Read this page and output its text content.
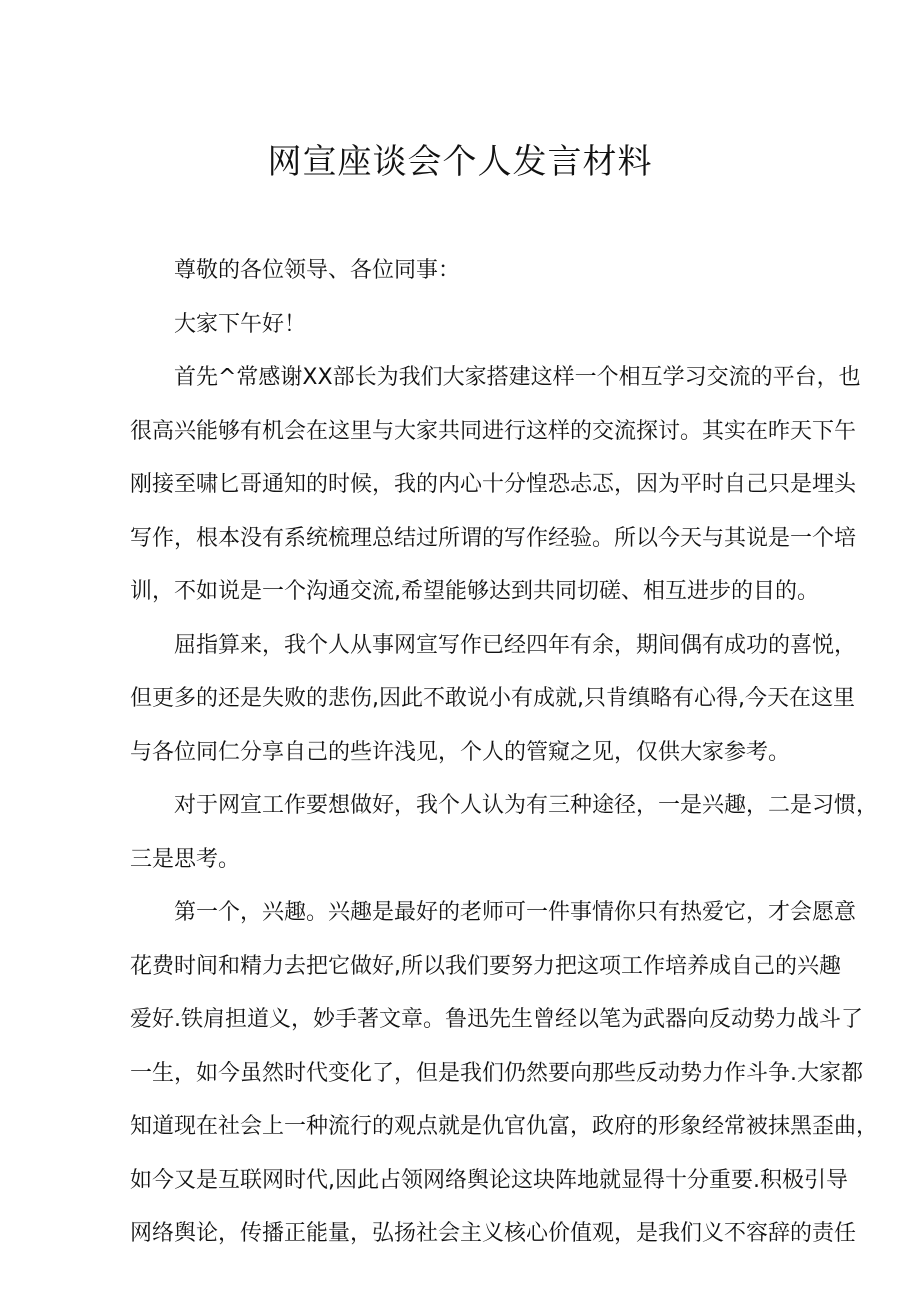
网宣座谈会个人发言材料
尊敬的各位领导、各位同事：
大家下午好！
首先^常感谢XX部长为我们大家搭建这样一个相互学习交流的平台，也
很高兴能够有机会在这里与大家共同进行这样的交流探讨。其实在昨天下午
刚接至啸匕哥通知的时候，我的内心十分惶恐忐忑，因为平时自己只是埋头
写作，根本没有系统梳理总结过所谓的写作经验。所以今天与其说是一个培
训，不如说是一个沟通交流,希望能够达到共同切磋、相互进步的目的。
屈指算来，我个人从事网宣写作已经四年有余，期间偶有成功的喜悦，
但更多的还是失败的悲伤,因此不敢说小有成就,只肯缜略有心得,今天在这里
与各位同仁分享自己的些许浅见，个人的管窥之见，仅供大家参考。
对于网宣工作要想做好，我个人认为有三种途径，一是兴趣，二是习惯，
三是思考。
第一个，兴趣。兴趣是最好的老师可一件事情你只有热爱它，才会愿意
花费时间和精力去把它做好,所以我们要努力把这项工作培养成自己的兴趣
爱好.铁肩担道义，妙手著文章。鲁迅先生曾经以笔为武器向反动势力战斗了
一生，如今虽然时代变化了，但是我们仍然要向那些反动势力作斗争.大家都
知道现在社会上一种流行的观点就是仇官仇富，政府的形象经常被抹黑歪曲，
如今又是互联网时代,因此占领网络舆论这块阵地就显得十分重要.积极引导
网络舆论，传播正能量，弘扬社会主义核心价值观，是我们义不容辞的责任
